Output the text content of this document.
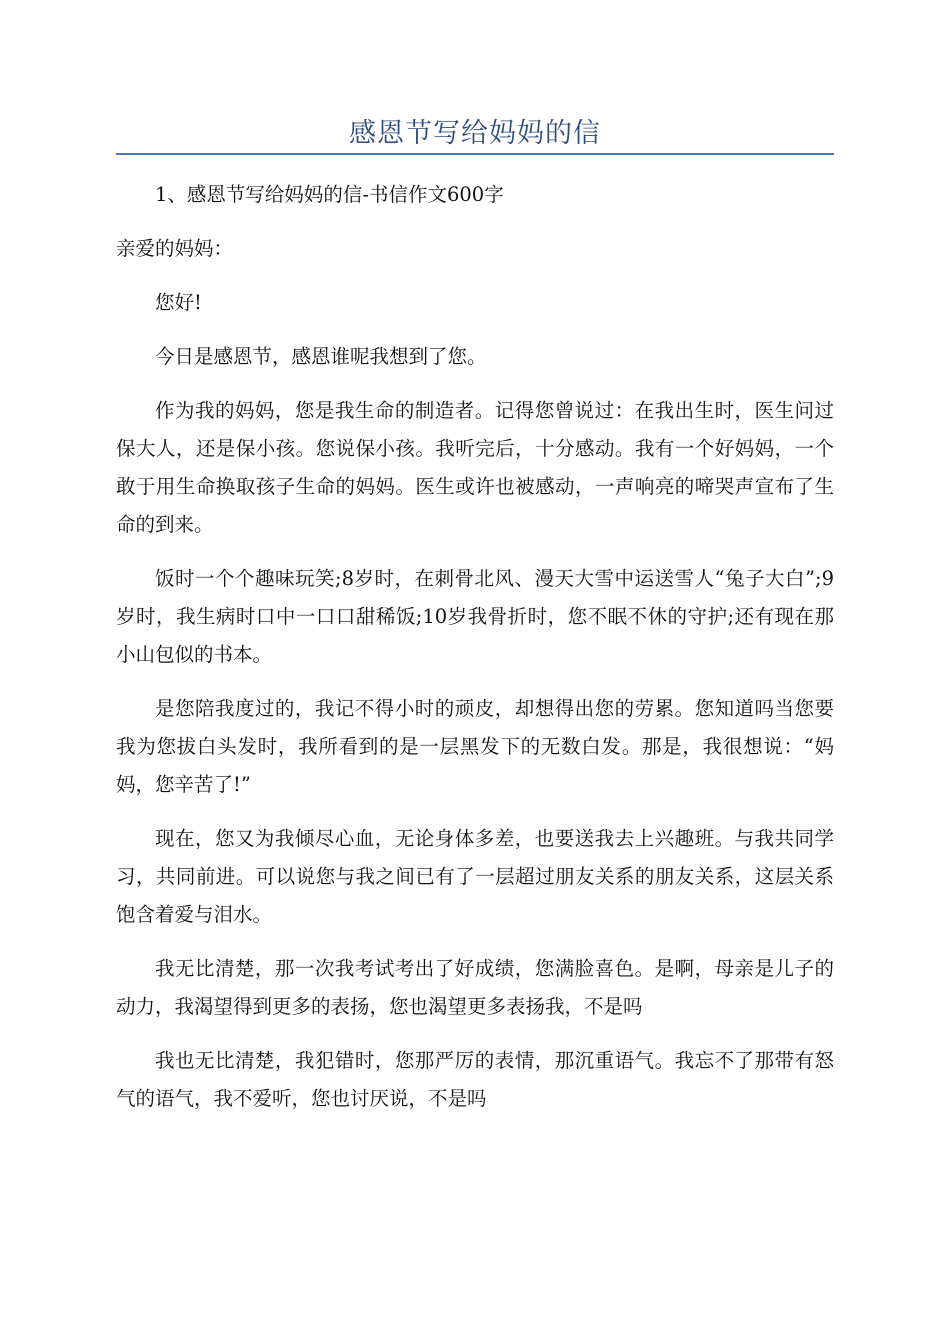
感恩节写给妈妈的信

1、感恩节写给妈妈的信-书信作文600字

亲爱的妈妈：

您好!

今日是感恩节，感恩谁呢我想到了您。

作为我的妈妈，您是我生命的制造者。记得您曾说过：在我出生时，医生问过保大人，还是保小孩。您说保小孩。我听完后，十分感动。我有一个好妈妈，一个敢于用生命换取孩子生命的妈妈。医生或许也被感动，一声响亮的啼哭声宣布了生命的到来。

饭时一个个趣味玩笑;8岁时，在刺骨北风、漫天大雪中运送雪人“兔子大白”;9岁时，我生病时口中一口口甜稀饭;10岁我骨折时，您不眠不休的守护;还有现在那小山包似的书本。

是您陪我度过的，我记不得小时的顽皮，却想得出您的劳累。您知道吗当您要我为您拔白头发时，我所看到的是一层黑发下的无数白发。那是，我很想说：“妈妈，您辛苦了!”

现在，您又为我倾尽心血，无论身体多差，也要送我去上兴趣班。与我共同学习，共同前进。可以说您与我之间已有了一层超过朋友关系的朋友关系，这层关系饱含着爱与泪水。

我无比清楚，那一次我考试考出了好成绩，您满脸喜色。是啊，母亲是儿子的动力，我渴望得到更多的表扬，您也渴望更多表扬我，不是吗

我也无比清楚，我犯错时，您那严厉的表情，那沉重语气。我忘不了那带有怒气的语气，我不爱听，您也讨厌说，不是吗
